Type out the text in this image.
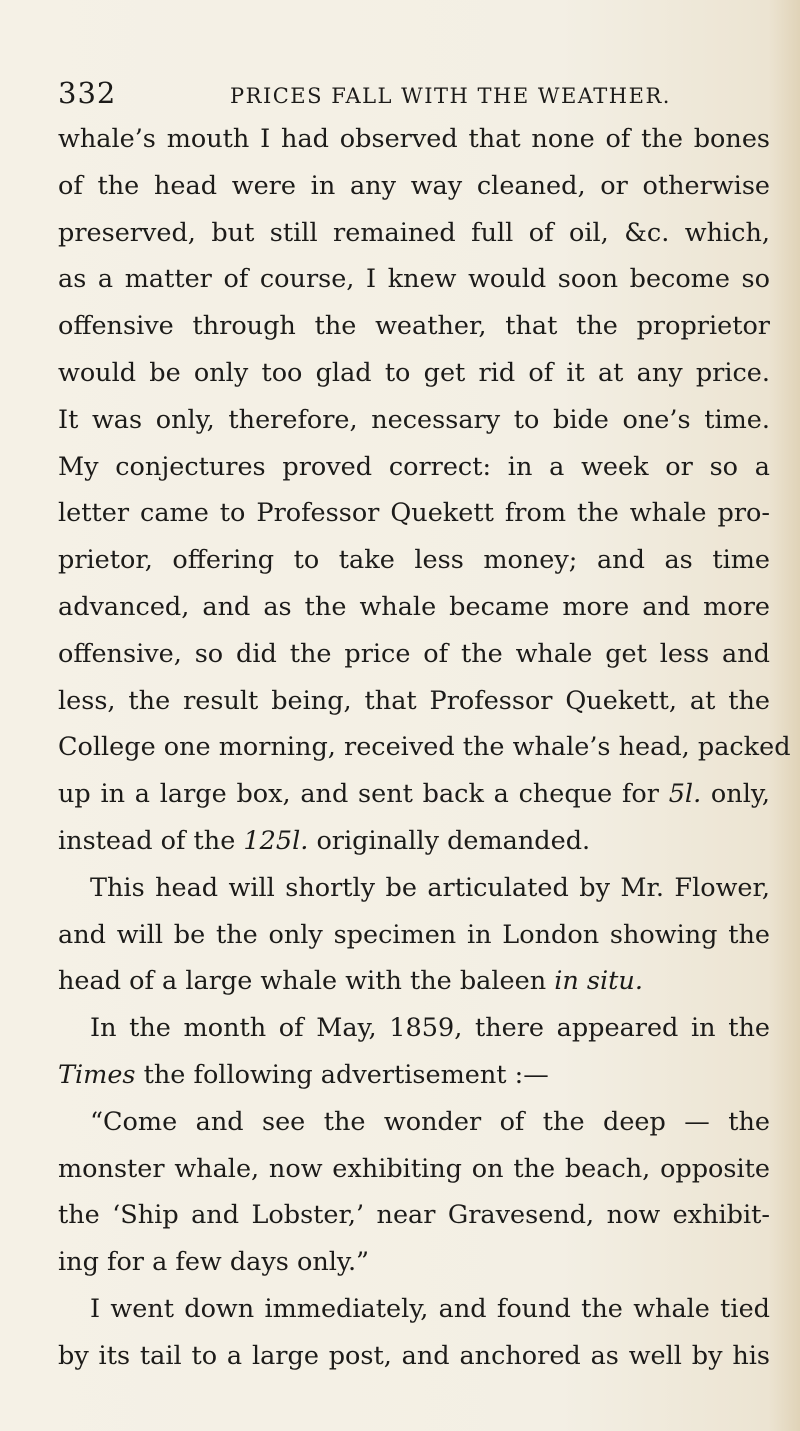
332	PRICES FALL WITH THE WEATHER.
whale’s mouth I had observed that none of the bones
of the head were in any way cleaned, or otherwise
preserved, but still remained full of oil, &c. which,
as a matter of course, I knew would soon become so
offensive through the weather, that the proprietor
would be only too glad to get rid of it at any price.
It was only, therefore, necessary to bide one’s time.
My conjectures proved correct: in a week or so a
letter came to Professor Quekett from the whale pro-
prietor, offering to take less money; and as time
advanced, and as the whale became more and more
offensive, so did the price of the whale get less and
less, the result being, that Professor Quekett, at the
College one morning, received the whale’s head, packed
up in a large box, and sent back a cheque for 5l. only,
instead of the 125l. originally demanded.
This head will shortly be articulated by Mr. Flower,
and will be the only specimen in London showing the
head of a large whale with the baleen in situ.
In the month of May, 1859, there appeared in the
Times the following advertisement :—
“Come and see the wonder of the deep — the
monster whale, now exhibiting on the beach, opposite
the ‘Ship and Lobster,’ near Gravesend, now exhibit-
ing for a few days only.”
I went down immediately, and found the whale tied
by its tail to a large post, and anchored as well by his
